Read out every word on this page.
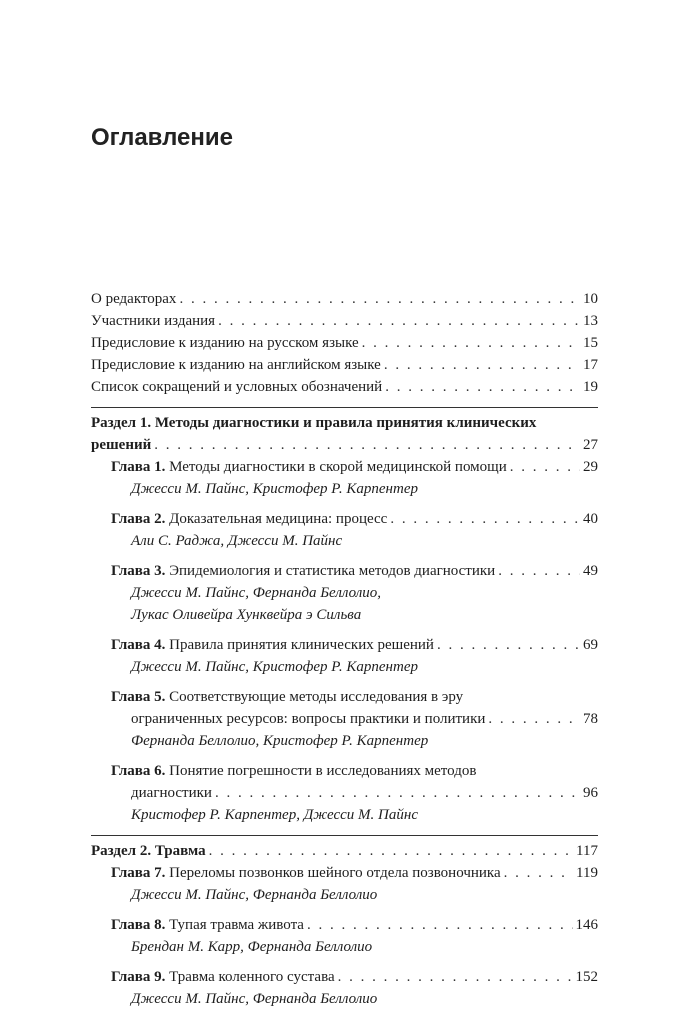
Оглавление
О редакторах . . .	10
Участники издания . . .	13
Предисловие к изданию на русском языке . . .	15
Предисловие к изданию на английском языке . . .	17
Список сокращений и условных обозначений . . .	19
Раздел 1. Методы диагностики и правила принятия клинических
решений . . .	27
Глава 1. Методы диагностики в скорой медицинской помощи . . .	29
Джесси М. Пайнс, Кристофер Р. Карпентер
Глава 2. Доказательная медицина: процесс . . .	40
Али С. Раджа, Джесси М. Пайнс
Глава 3. Эпидемиология и статистика методов диагностики . . .	49
Джесси М. Пайнс, Фернанда Беллолио,
Лукас Оливейра Хунквейра э Сильва
Глава 4. Правила принятия клинических решений . . .	69
Джесси М. Пайнс, Кристофер Р. Карпентер
Глава 5. Соответствующие методы исследования в эру
ограниченных ресурсов: вопросы практики и политики . . .	78
Фернанда Беллолио, Кристофер Р. Карпентер
Глава 6. Понятие погрешности в исследованиях методов
диагностики . . .	96
Кристофер Р. Карпентер, Джесси М. Пайнс
Раздел 2. Травма . . .	117
Глава 7. Переломы позвонков шейного отдела позвоночника . . .	119
Джесси М. Пайнс, Фернанда Беллолио
Глава 8. Тупая травма живота . . .	146
Брендан М. Карр, Фернанда Беллолио
Глава 9. Травма коленного сустава . . .	152
Джесси М. Пайнс, Фернанда Беллолио
